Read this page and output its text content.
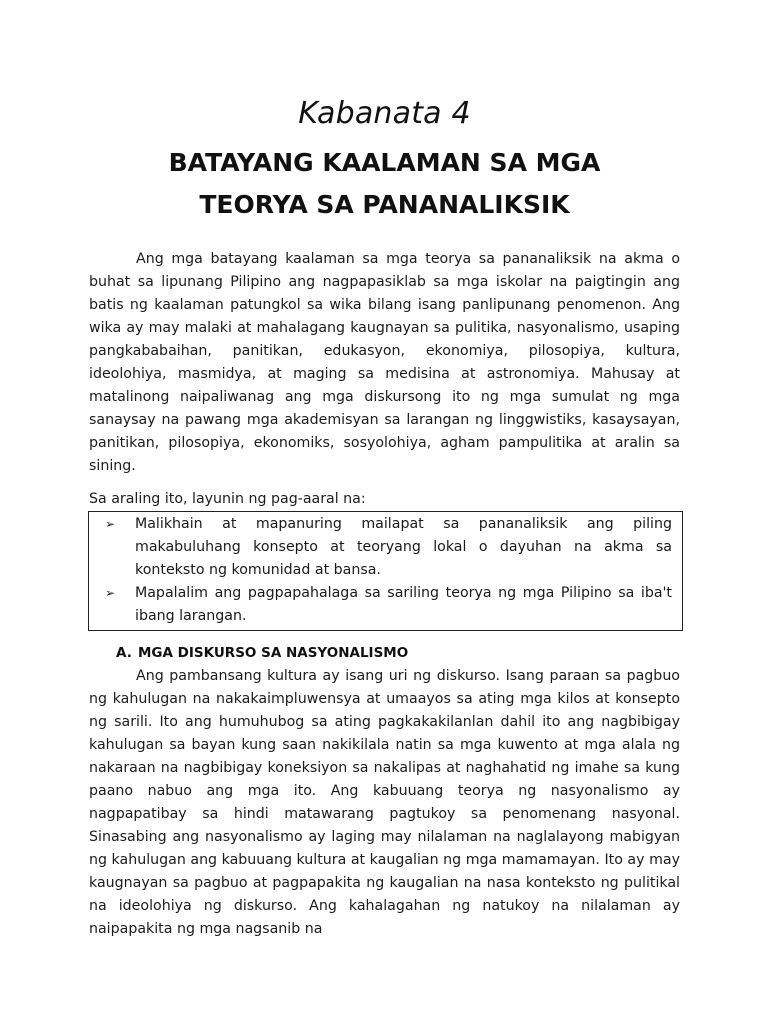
Kabanata 4
BATAYANG KAALAMAN SA MGA
TEORYA SA PANANALIKSIK

Ang mga batayang kaalaman sa mga teorya sa pananaliksik na akma o buhat sa lipunang Pilipino ang nagpapasiklab sa mga iskolar na paigtingin ang batis ng kaalaman patungkol sa wika bilang isang panlipunang penomenon. Ang wika ay may malaki at mahalagang kaugnayan sa pulitika, nasyonalismo, usaping pangkababaihan, panitikan, edukasyon, ekonomiya, pilosopiya, kultura, ideolohiya, masmidya, at maging sa medisina at astronomiya. Mahusay at matalinong naipaliwanag ang mga diskursong ito ng mga sumulat ng mga sanaysay na pawang mga akademisyan sa larangan ng linggwistiks, kasaysayan, panitikan, pilosopiya, ekonomiks, sosyolohiya, agham pampulitika at aralin sa sining.

Sa araling ito, layunin ng pag-aaral na:

➢	Malikhain at mapanuring mailapat sa pananaliksik ang piling makabuluhang konsepto at teoryang lokal o dayuhan na akma sa konteksto ng komunidad at bansa.
➢	Mapalalim ang pagpapahalaga sa sariling teorya ng mga Pilipino sa iba't ibang larangan.
A. MGA DISKURSO SA NASYONALISMO

Ang pambansang kultura ay isang uri ng diskurso. Isang paraan sa pagbuo ng kahulugan na nakakaimpluwensya at umaayos sa ating mga kilos at konsepto ng sarili. Ito ang humuhubog sa ating pagkakakilanlan dahil ito ang nagbibigay kahulugan sa bayan kung saan nakikilala natin sa mga kuwento at mga alala ng nakaraan na nagbibigay koneksiyon sa nakalipas at naghahatid ng imahe sa kung paano nabuo ang mga ito. Ang kabuuang teorya ng nasyonalismo ay nagpapatibay sa hindi matawarang pagtukoy sa penomenang nasyonal. Sinasabing ang nasyonalismo ay laging may nilalaman na naglalayong mabigyan ng kahulugan ang kabuuang kultura at kaugalian ng mga mamamayan. Ito ay may kaugnayan sa pagbuo at pagpapakita ng kaugalian na nasa konteksto ng pulitikal na ideolohiya ng diskurso. Ang kahalagahan ng natukoy na nilalaman ay naipapakita ng mga nagsanib na
